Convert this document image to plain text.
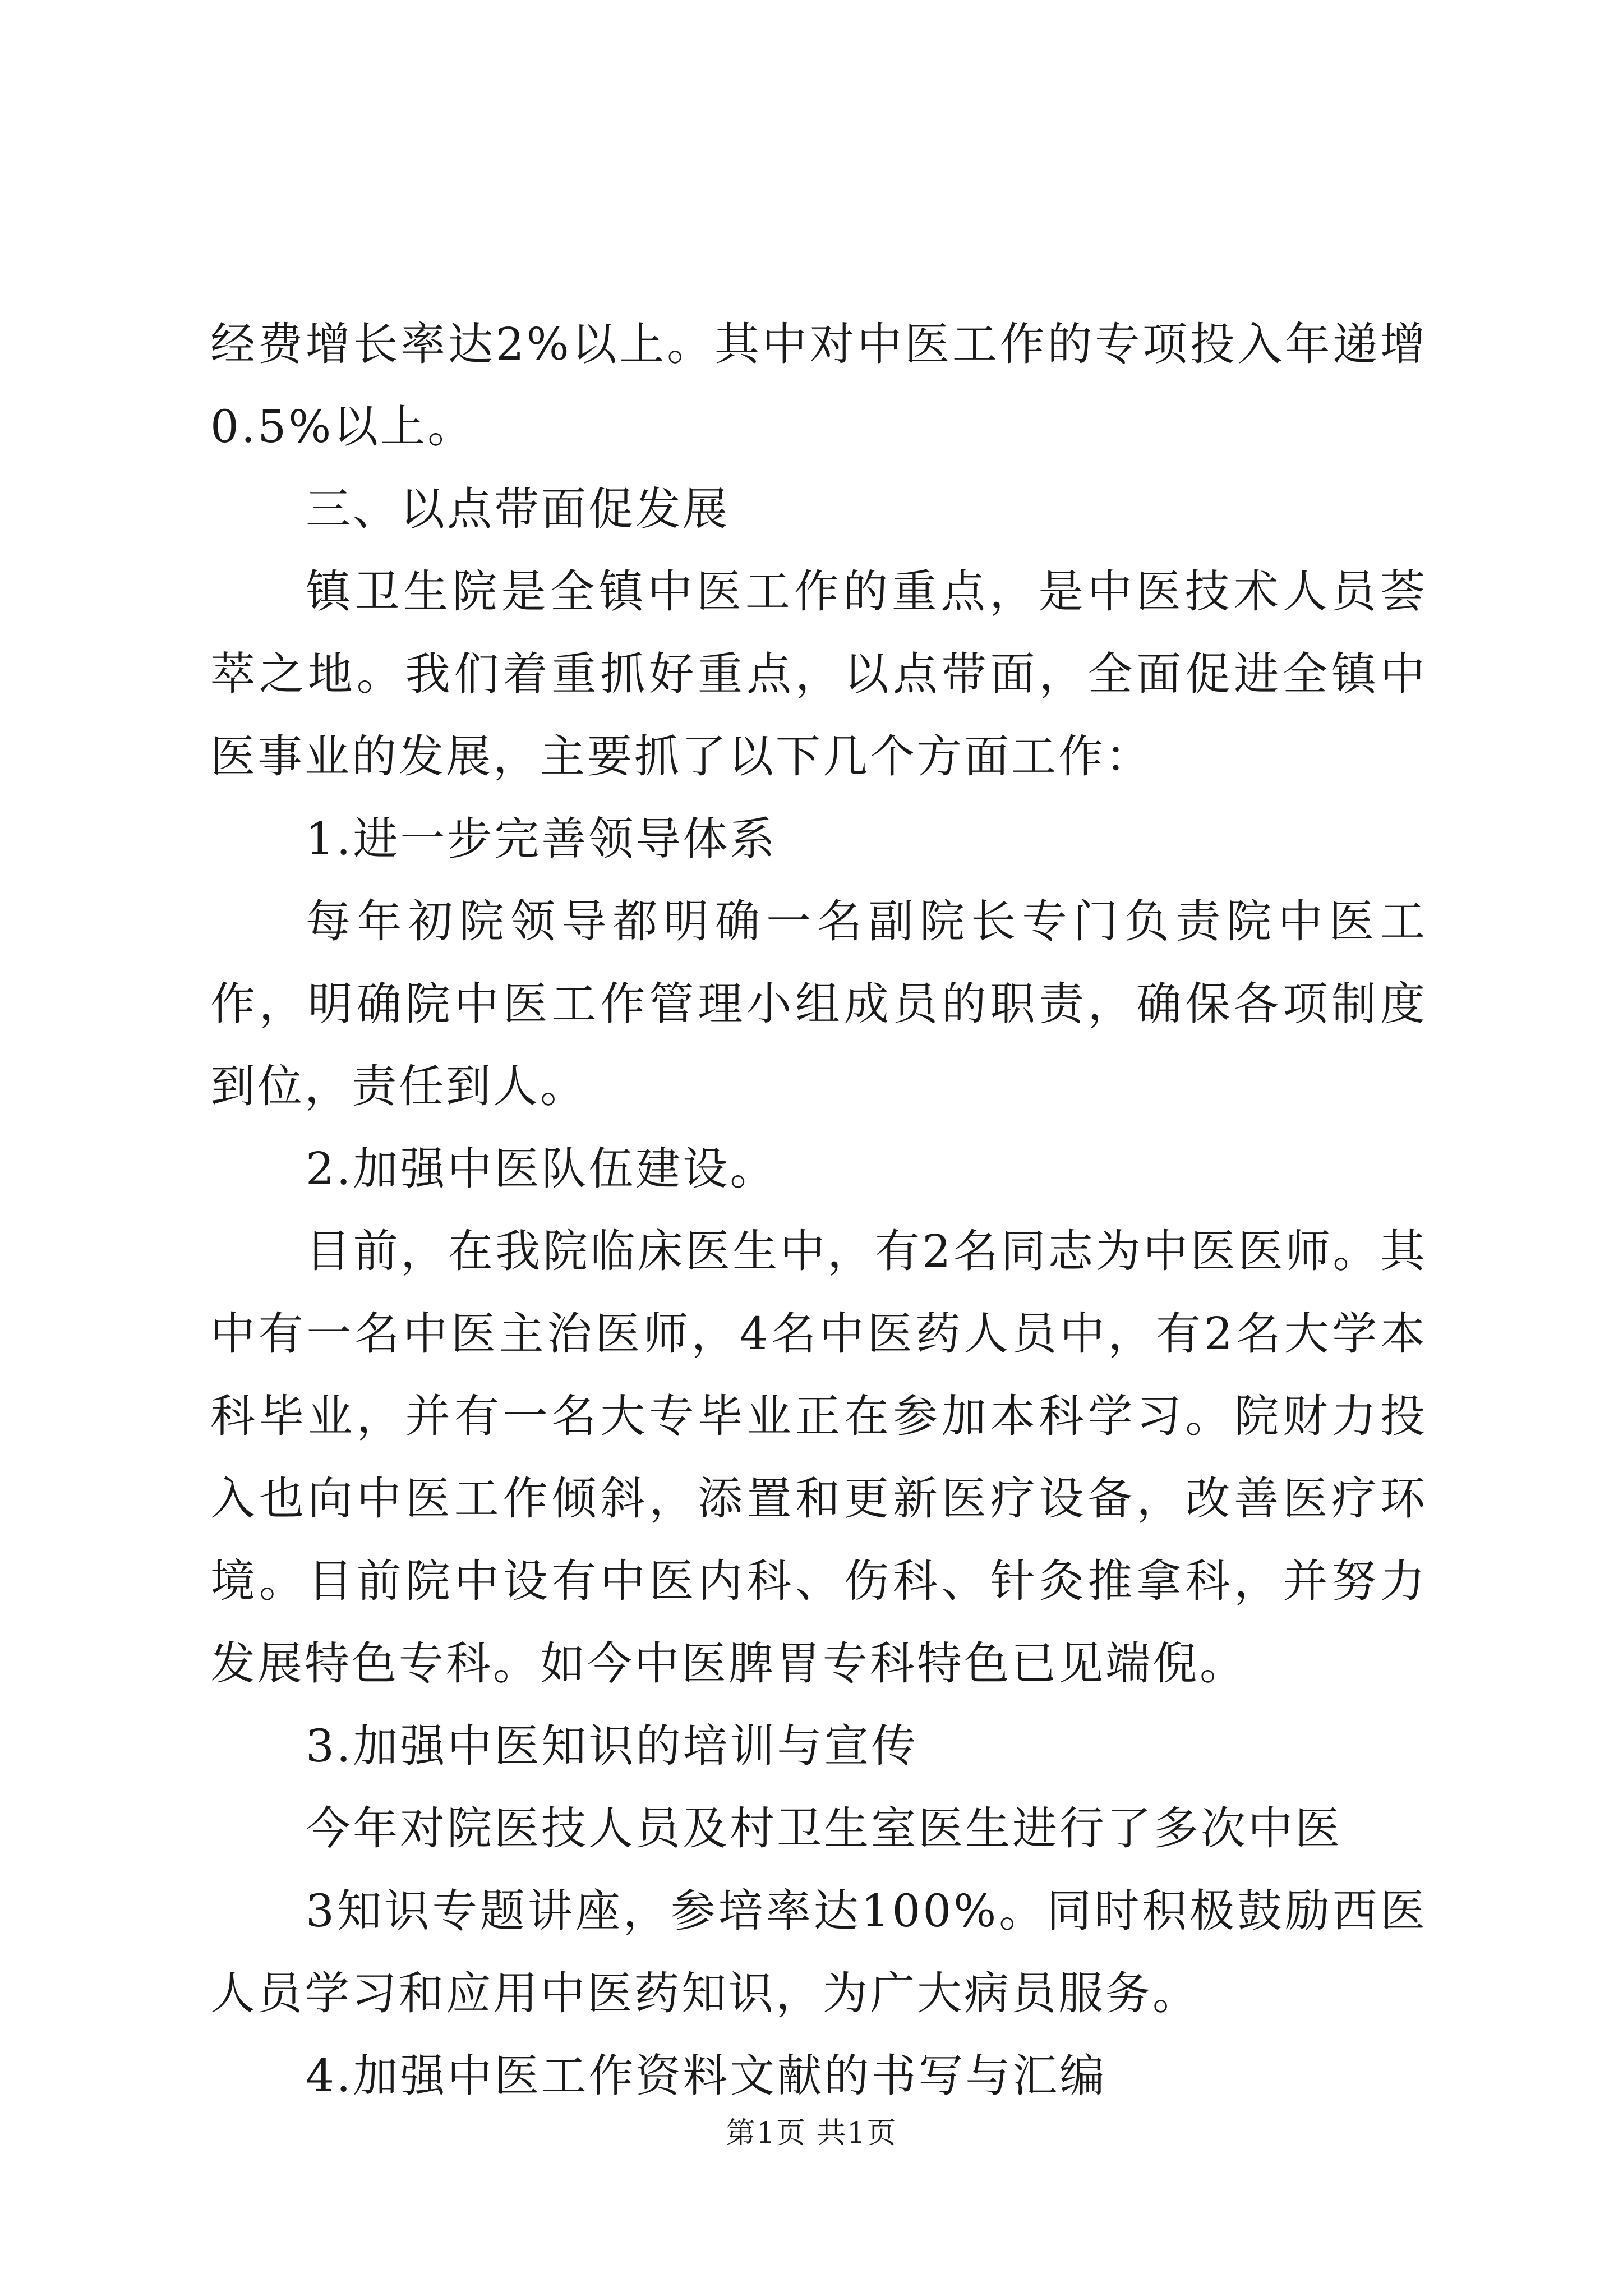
经费增长率达2%以上。其中对中医工作的专项投入年递增0.5%以上。

三、以点带面促发展

镇卫生院是全镇中医工作的重点，是中医技术人员荟萃之地。我们着重抓好重点，以点带面，全面促进全镇中医事业的发展，主要抓了以下几个方面工作：

1.进一步完善领导体系

每年初院领导都明确一名副院长专门负责院中医工作，明确院中医工作管理小组成员的职责，确保各项制度到位，责任到人。

2.加强中医队伍建设。

目前，在我院临床医生中，有2名同志为中医医师。其中有一名中医主治医师，4名中医药人员中，有2名大学本科毕业，并有一名大专毕业正在参加本科学习。院财力投入也向中医工作倾斜，添置和更新医疗设备，改善医疗环境。目前院中设有中医内科、伤科、针灸推拿科，并努力发展特色专科。如今中医脾胃专科特色已见端倪。

3.加强中医知识的培训与宣传

今年对院医技人员及村卫生室医生进行了多次中医

3知识专题讲座，参培率达100%。同时积极鼓励西医人员学习和应用中医药知识，为广大病员服务。

4.加强中医工作资料文献的书写与汇编

第1页 共1页
